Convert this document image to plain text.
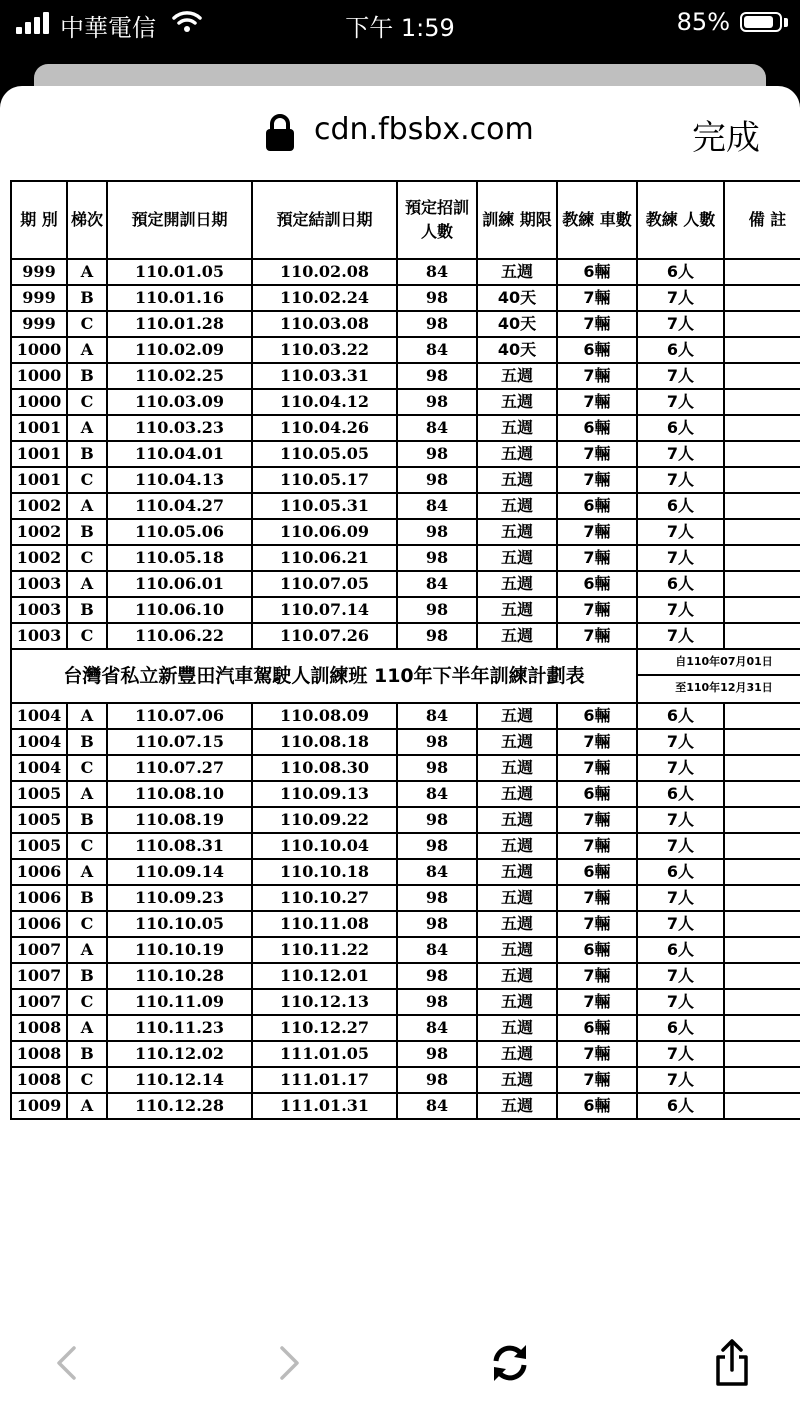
中華電信	下午 1:59	85%
cdn.fbsbx.com	完成
期 別	梯次	預定開訓日期	預定結訓日期	預定招訓人數	訓練 期限	教練 車數	教練 人數	備 註
999	A	110.01.05	110.02.08	84	五週	6輛	6人	
999	B	110.01.16	110.02.24	98	40天	7輛	7人	
999	C	110.01.28	110.03.08	98	40天	7輛	7人	
1000	A	110.02.09	110.03.22	84	40天	6輛	6人	
1000	B	110.02.25	110.03.31	98	五週	7輛	7人	
1000	C	110.03.09	110.04.12	98	五週	7輛	7人	
1001	A	110.03.23	110.04.26	84	五週	6輛	6人	
1001	B	110.04.01	110.05.05	98	五週	7輛	7人	
1001	C	110.04.13	110.05.17	98	五週	7輛	7人	
1002	A	110.04.27	110.05.31	84	五週	6輛	6人	
1002	B	110.05.06	110.06.09	98	五週	7輛	7人	
1002	C	110.05.18	110.06.21	98	五週	7輛	7人	
1003	A	110.06.01	110.07.05	84	五週	6輛	6人	
1003	B	110.06.10	110.07.14	98	五週	7輛	7人	
1003	C	110.06.22	110.07.26	98	五週	7輛	7人	
台灣省私立新豐田汽車駕駛人訓練班 110年下半年訓練計劃表							自110年07月01日
至110年12月31日	

1004	A	110.07.06	110.08.09	84	五週	6輛	6人	
1004	B	110.07.15	110.08.18	98	五週	7輛	7人	
1004	C	110.07.27	110.08.30	98	五週	7輛	7人	
1005	A	110.08.10	110.09.13	84	五週	6輛	6人	
1005	B	110.08.19	110.09.22	98	五週	7輛	7人	
1005	C	110.08.31	110.10.04	98	五週	7輛	7人	
1006	A	110.09.14	110.10.18	84	五週	6輛	6人	
1006	B	110.09.23	110.10.27	98	五週	7輛	7人	
1006	C	110.10.05	110.11.08	98	五週	7輛	7人	
1007	A	110.10.19	110.11.22	84	五週	6輛	6人	
1007	B	110.10.28	110.12.01	98	五週	7輛	7人	
1007	C	110.11.09	110.12.13	98	五週	7輛	7人	
1008	A	110.11.23	110.12.27	84	五週	6輛	6人	
1008	B	110.12.02	111.01.05	98	五週	7輛	7人	
1008	C	110.12.14	111.01.17	98	五週	7輛	7人	
1009	A	110.12.28	111.01.31	84	五週	6輛	6人	
